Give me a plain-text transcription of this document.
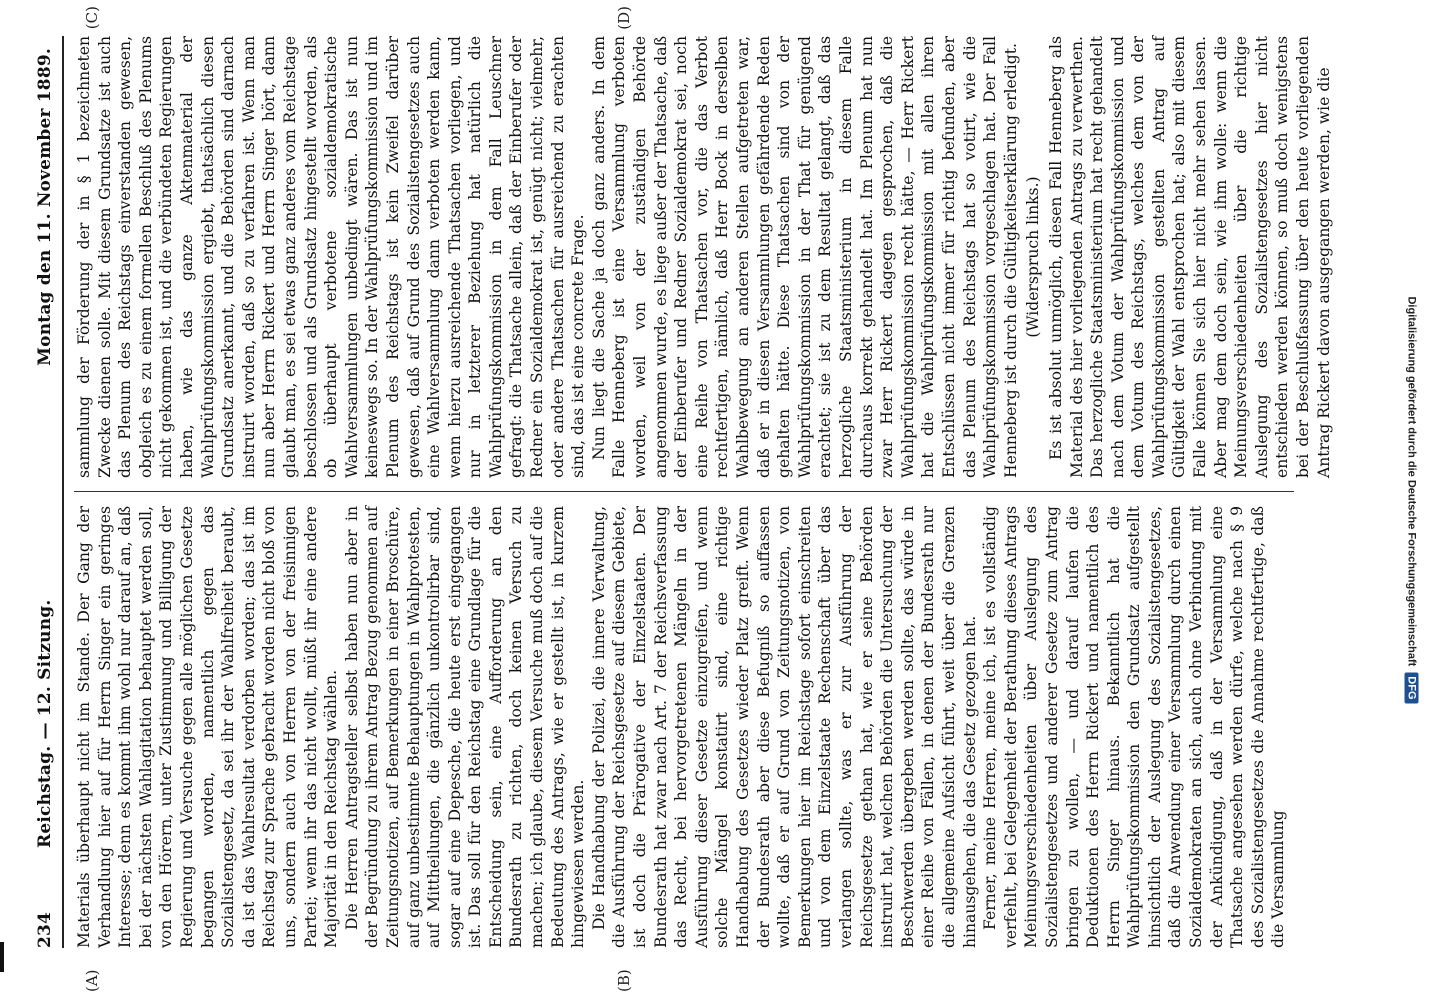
234
Reichstag. — 12. Sitzung.
Montag den 11. November 1889.
(A)	(B)

Materials überhaupt nicht im Stande. Der Gang der Verhandlung hier auf für Herrn Singer ein geringes Interesse; denn es kommt ihm wohl nur darauf an, daß bei der nächsten Wahlagitation behauptet werden soll, von den Hörern, unter Zustimmung und Billigung der Regierung und Versuche gegen alle möglichen Gesetze begangen worden, namentlich gegen das Sozialistengesetz, da sei ihr der Wahlfreiheit beraubt, da ist das Wahlresultat verdorben worden; das ist im Reichstag zur Sprache gebracht worden nicht bloß von uns, sondern auch von Herren von der freisinnigen Partei; wenn ihr das nicht wollt, müßt ihr eine andere Majorität in den Reichstag wählen. Die Herren Antragsteller selbst haben nun aber in der Begründung zu ihrem Antrag Bezug genommen auf Zeitungsnotizen, auf Bemerkungen in einer Broschüre, auf ganz unbestimmte Behauptungen in Wahlprotesten, auf Mittheilungen, die gänzlich unkontrolirbar sind, sogar auf eine Depesche, die heute erst eingegangen ist. Das soll für den Reichstag eine Grundlage für die Entscheidung sein, eine Aufforderung an den Bundesrath zu richten, doch keinen Versuch zu machen; ich glaube, diesem Versuche muß doch auf die Bedeutung des Antrags, wie er gestellt ist, in kurzem hingewiesen werden. Die Handhabung der Polizei, die innere Verwaltung, die Ausführung der Reichsgesetze auf diesem Gebiete, ist doch die Prärogative der Einzelstaaten. Der Bundesrath hat zwar nach Art. 7 der Reichsverfassung das Recht, bei hervorgetretenen Mängeln in der Ausführung dieser Gesetze einzugreifen, und wenn solche Mängel konstatirt sind, eine richtige Handhabung des Gesetzes wieder Platz greift. Wenn der Bundesrath aber diese Befugniß so auffassen wollte, daß er auf Grund von Zeitungsnotizen, von Bemerkungen hier im Reichstage sofort einschreiten und von dem Einzelstaate Rechenschaft über das verlangen sollte, was er zur Ausführung der Reichsgesetze gethan hat, wie er seine Behörden instruirt hat, welchen Behörden die Untersuchung der Beschwerden übergeben werden sollte, das würde in einer Reihe von Fällen, in denen der Bundesrath nur die allgemeine Aufsicht führt, weit über die Grenzen hinausgehen, die das Gesetz gezogen hat. Ferner, meine Herren, meine ich, ist es vollständig verfehlt, bei Gelegenheit der Berathung dieses Antrags Meinungsverschiedenheiten über Auslegung des Sozialistengesetzes und anderer Gesetze zum Antrag bringen zu wollen, — und darauf laufen die Deduktionen des Herrn Rickert und namentlich des Herrn Singer hinaus. Bekanntlich hat die Wahlprüfungskommission den Grundsatz aufgestellt hinsichtlich der Auslegung des Sozialistengesetzes, daß die Anwendung einer Versammlung durch einen Sozialdemokraten an sich, auch ohne Verbindung mit der Ankündigung, daß in der Versammlung eine Thatsache angesehen werden dürfe, welche nach § 9 des Sozialistengesetzes die Annahme rechtfertige, daß die Versammlung

(C)	(D)

sammlung der Förderung der in § 1 bezeichneten Zwecke dienen solle. Mit diesem Grundsatze ist auch das Plenum des Reichstags einverstanden gewesen, obgleich es zu einem formellen Beschluß des Plenums nicht gekommen ist, und die verbündeten Regierungen haben, wie das ganze Aktenmaterial der Wahlprüfungskommission ergiebt, thatsächlich diesen Grundsatz anerkannt, und die Behörden sind darnach instruirt worden, daß so zu verfahren ist. Wenn man nun aber Herrn Rickert und Herrn Singer hört, dann glaubt man, es sei etwas ganz anderes vom Reichstage beschlossen und als Grundsatz hingestellt worden, als ob überhaupt verbotene sozialdemokratische Wahlversammlungen unbedingt wären. Das ist nun keineswegs so. In der Wahlprüfungskommission und im Plenum des Reichstags ist kein Zweifel darüber gewesen, daß auf Grund des Sozialistengesetzes auch eine Wahlversammlung dann verboten werden kann, wenn hierzu ausreichende Thatsachen vorliegen, und nur in letzterer Beziehung hat natürlich die Wahlprüfungskommission in dem Fall Leuschner gefragt: die Thatsache allein, daß der Einberufer oder Redner ein Sozialdemokrat ist, genügt nicht; vielmehr, oder andere Thatsachen für ausreichend zu erachten sind, das ist eine concrete Frage. Nun liegt die Sache ja doch ganz anders. In dem Falle Henneberg ist eine Versammlung verboten worden, weil von der zuständigen Behörde angenommen wurde, es liege außer der Thatsache, daß der Einberufer und Redner Sozialdemokrat sei, noch eine Reihe von Thatsachen vor, die das Verbot rechtfertigen, nämlich, daß Herr Bock in derselben Wahlbewegung an anderen Stellen aufgetreten war, daß er in diesen Versammlungen gefährdende Reden gehalten hätte. Diese Thatsachen sind von der Wahlprüfungskommission in der That für genügend erachtet; sie ist zu dem Resultat gelangt, daß das herzogliche Staatsministerium in diesem Falle durchaus korrekt gehandelt hat. Im Plenum hat nun zwar Herr Rickert dagegen gesprochen, daß die Wahlprüfungskommission recht hätte, — Herr Rickert hat die Wahlprüfungskommission mit allen ihren Entschlüssen nicht immer für richtig befunden, aber das Plenum des Reichstags hat so votirt, wie die Wahlprüfungskommission vorgeschlagen hat. Der Fall Henneberg ist durch die Gültigkeitserklärung erledigt. (Widerspruch links.) Es ist absolut unmöglich, diesen Fall Henneberg als Material des hier vorliegenden Antrags zu verwerthen. Das herzogliche Staatsministerium hat recht gehandelt nach dem Votum der Wahlprüfungskommission und dem Votum des Reichstags, welches dem von der Wahlprüfungskommission gestellten Antrag auf Gültigkeit der Wahl entsprochen hat; also mit diesem Falle können Sie sich hier nicht mehr sehen lassen. Aber mag dem doch sein, wie ihm wolle: wenn die Meinungsverschiedenheiten über die richtige Auslegung des Sozialistengesetzes hier nicht entschieden werden können, so muß doch wenigstens bei der Beschlußfassung über den heute vorliegenden Antrag Rickert davon ausgegangen werden, wie die

Digitalisierung gefördert durch die Deutsche Forschungsgemeinschaft
DFG
